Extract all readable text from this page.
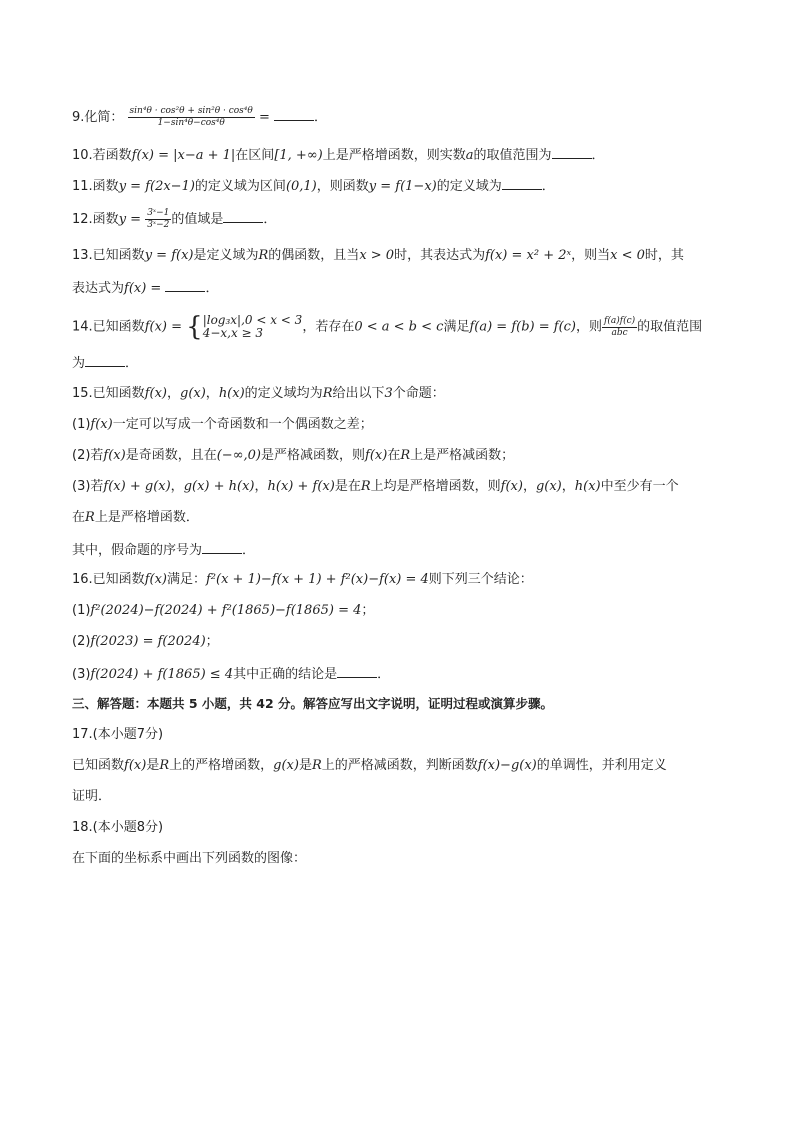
9.化简： $\frac{\text{sin⁴θ · cos²θ + sin²θ · cos⁴θ}}{\text{1−sin⁴θ−cos⁴θ}}$ =	．
10.若函数f(x) = |x−a + 1|在区间[1, +∞)上是严格增函数，则实数a的取值范围为	．
11.函数y = f(2x−1)的定义域为区间(0,1)，则函数y = f(1−x)的定义域为	．
12.函数$y = \frac{\text{3ˣ−1}}{\text{3ˣ−2}}$ 的值域是	．
13.已知函数y = f(x)是定义域为R的偶函数，且当x > 0时，其表达式为f(x) = x² + 2ˣ，则当x < 0时，其
表达式为f(x) =	．
14.已知函数f(x) = { |log₃x|,0 < x < 3
4−x,x ≥ 3	，若存在0 < a < b < c满足f(a) = f(b) = f(c)，则 $\frac{f(a)f(c)}{\text{abc}}$ 的取值范围
为	．
15.已知函数f(x)，g(x)，h(x)的定义域均为R给出以下3个命题：
(1)f(x)一定可以写成一个奇函数和一个偶函数之差；
(2)若f(x)是奇函数，且在(−∞,0)是严格减函数，则f(x)在R上是严格减函数；
(3)若f(x) + g(x)，g(x) + h(x)，h(x) + f(x)是在R上均是严格增函数，则f(x)，g(x)，h(x)中至少有一个
在R上是严格增函数．
其中，假命题的序号为	．
16.已知函数f(x)满足：f²(x + 1)−f(x + 1) + f²(x)−f(x) = 4则下列三个结论：
(1)f²(2024)−f(2024) + f²(1865)−f(1865) = 4；
(2)f(2023) = f(2024)；
(3)f(2024) + f(1865) ≤ 4其中正确的结论是	．
三、解答题：本题共 5 小题，共 42 分。解答应写出文字说明，证明过程或演算步骤。
17.(本小题7分)
已知函数f(x)是R上的严格增函数，g(x)是R上的严格减函数，判断函数f(x)−g(x)的单调性，并利用定义
证明．
18.(本小题8分)
在下面的坐标系中画出下列函数的图像：
